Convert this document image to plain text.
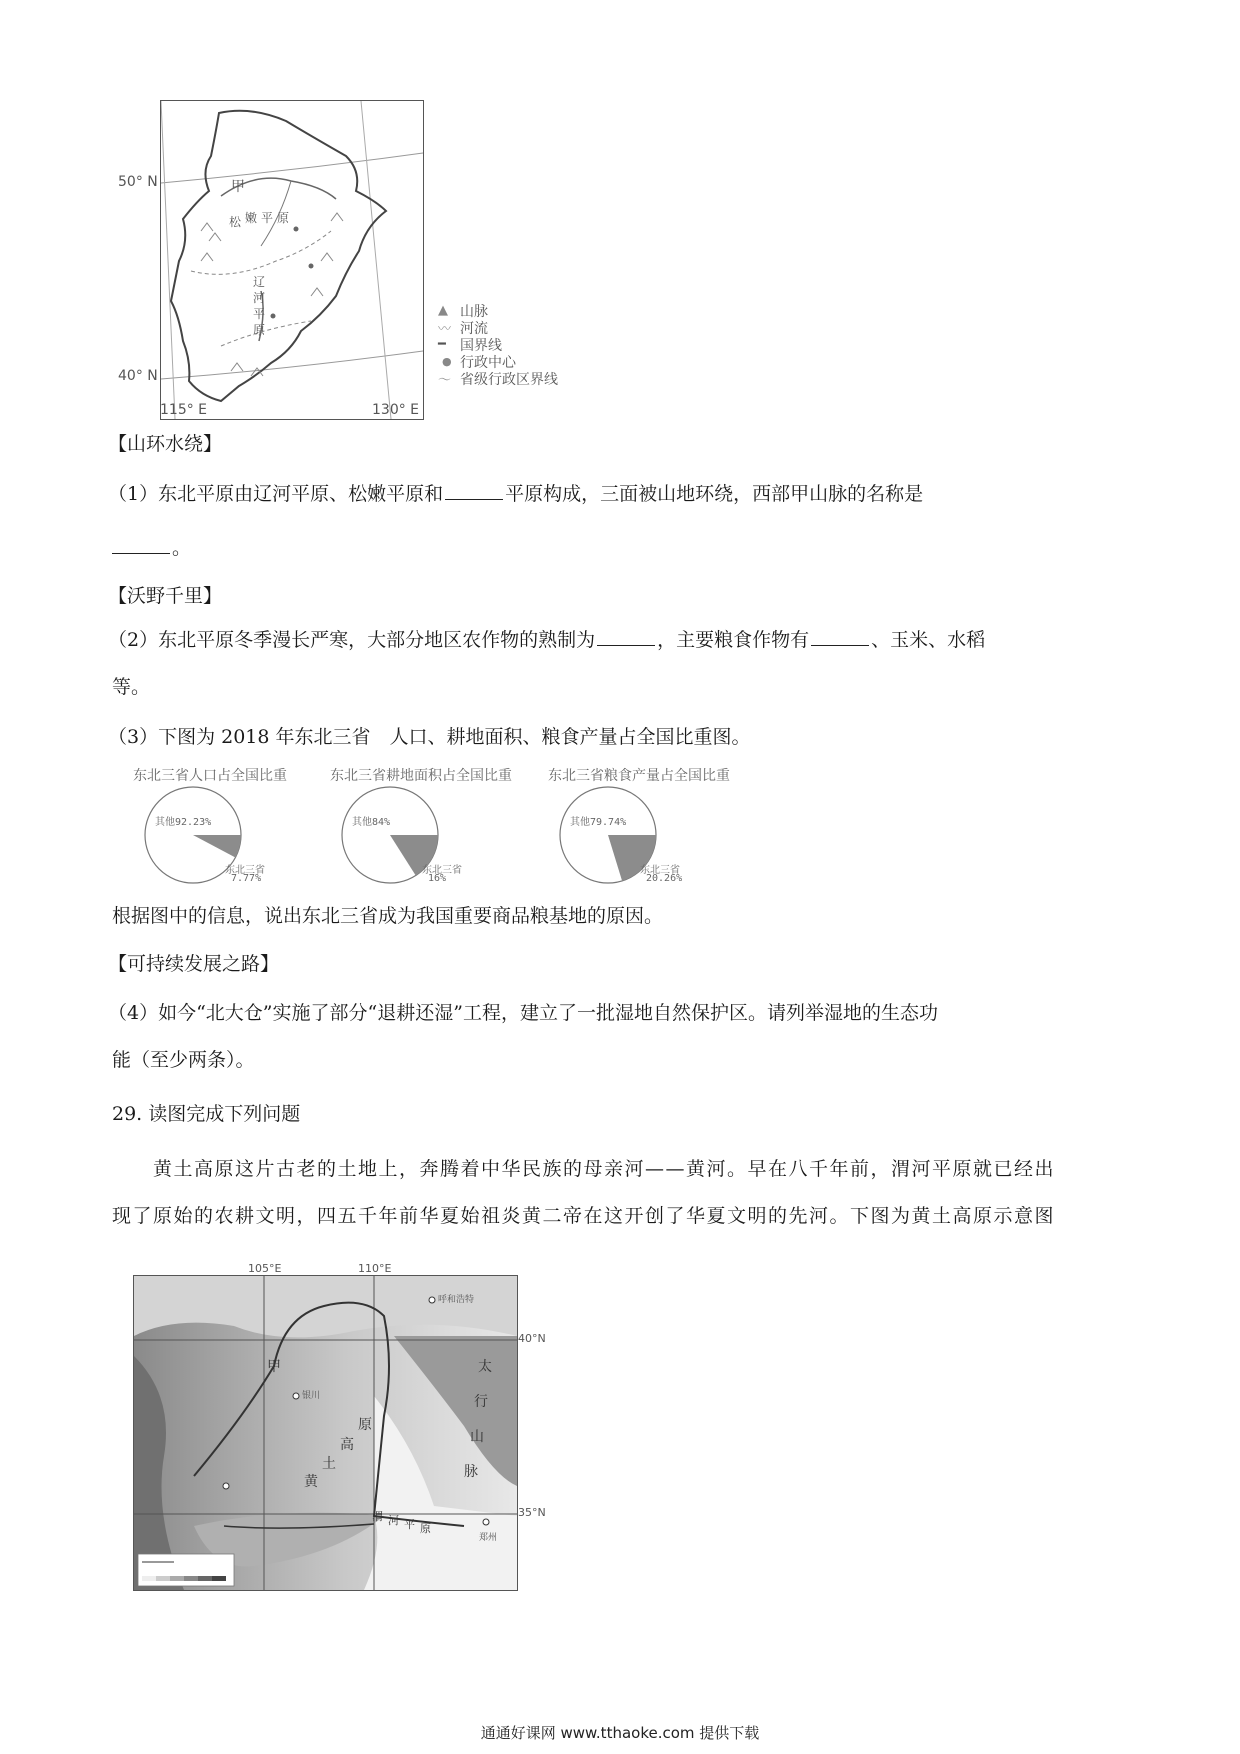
甲
松 嫩 平 原
辽
河
平
原
50° N
40° N
115° E	130° E
▲ 山脉
〰 河流
━	国界线
● 行政中心
～ 省级行政区界线
【山环水绕】
（1）东北平原由辽河平原、松嫩平原和	平原构成，三面被山地环绕，西部甲山脉的名称是
。
【沃野千里】
（2）东北平原冬季漫长严寒，大部分地区农作物的熟制为	，主要粮食作物有	、玉米、水稻
等。
（3）下图为 2018 年东北三省　人口、耕地面积、粮食产量占全国比重图。
东北三省人口占全国比重
其他92.23%
东北三省
7.77%
东北三省耕地面积占全国比重
其他84%
东北三省
16%
东北三省粮食产量占全国比重
其他79.74%
东北三省
20.26%
根据图中的信息，说出东北三省成为我国重要商品粮基地的原因。
【可持续发展之路】
（4）如今“北大仓”实施了部分“退耕还湿”工程，建立了一批湿地自然保护区。请列举湿地的生态功
能（至少两条）。
29. 读图完成下列问题
　　黄土高原这片古老的土地上，奔腾着中华民族的母亲河——黄河。早在八千年前，渭河平原就已经出
现了原始的农耕文明，四五千年前华夏始祖炎黄二帝在这开创了华夏文明的先河。下图为黄土高原示意图
呼和浩特
银川
郑州
甲
黄
土
高
原
太
行
山
脉
渭 河 平 原
105°E	110°E
40°N
35°N
通通好课网 www.tthaoke.com 提供下载
